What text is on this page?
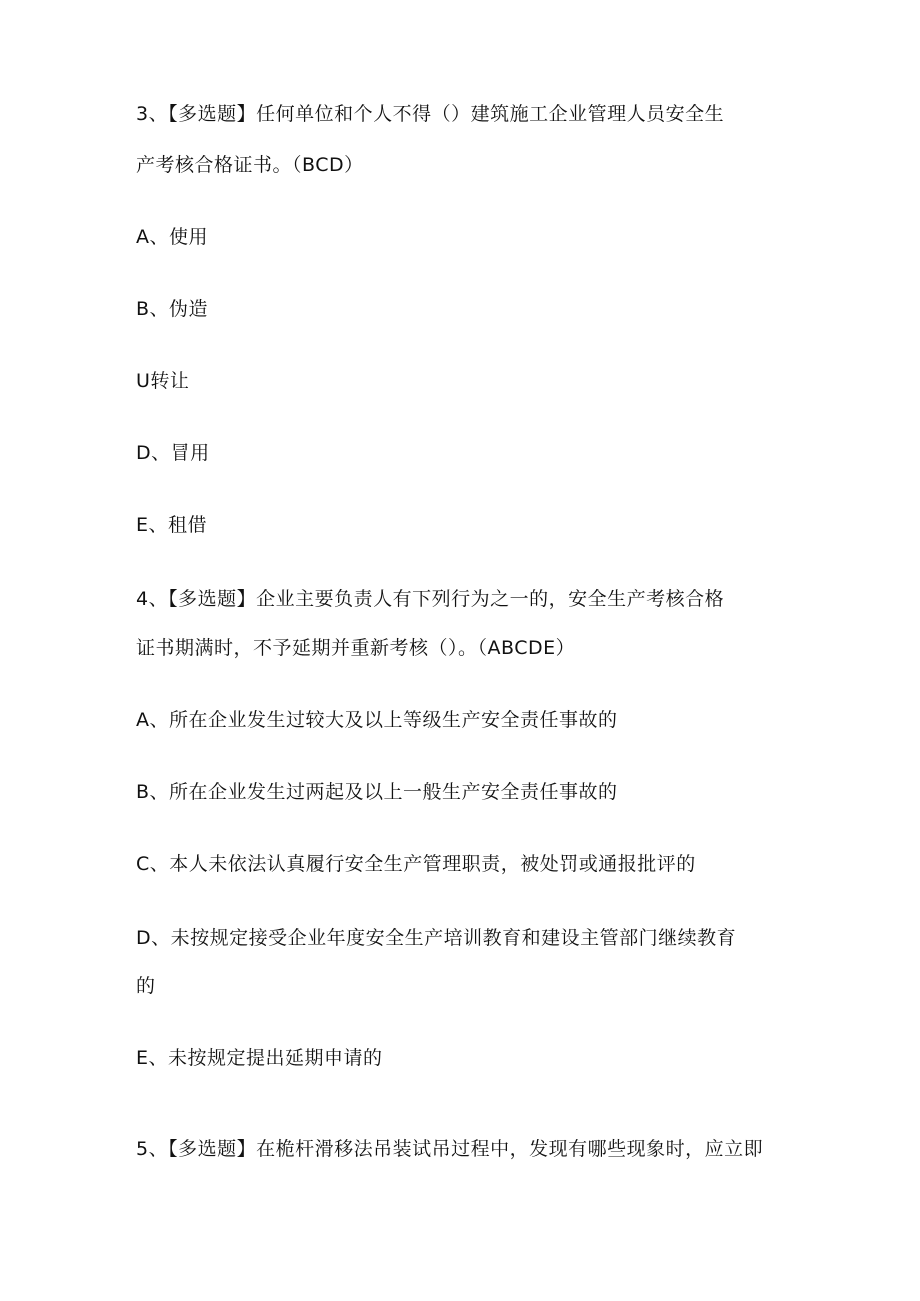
3、【多选题】任何单位和个人不得（）建筑施工企业管理人员安全生
产考核合格证书。（BCD）
A、使用
B、伪造
U转让
D、冒用
E、租借
4、【多选题】企业主要负责人有下列行为之一的，安全生产考核合格
证书期满时，不予延期并重新考核（）。（ABCDE）
A、所在企业发生过较大及以上等级生产安全责任事故的
B、所在企业发生过两起及以上一般生产安全责任事故的
C、本人未依法认真履行安全生产管理职责，被处罚或通报批评的
D、未按规定接受企业年度安全生产培训教育和建设主管部门继续教育
的
E、未按规定提出延期申请的
5、【多选题】在桅杆滑移法吊装试吊过程中，发现有哪些现象时，应立即
